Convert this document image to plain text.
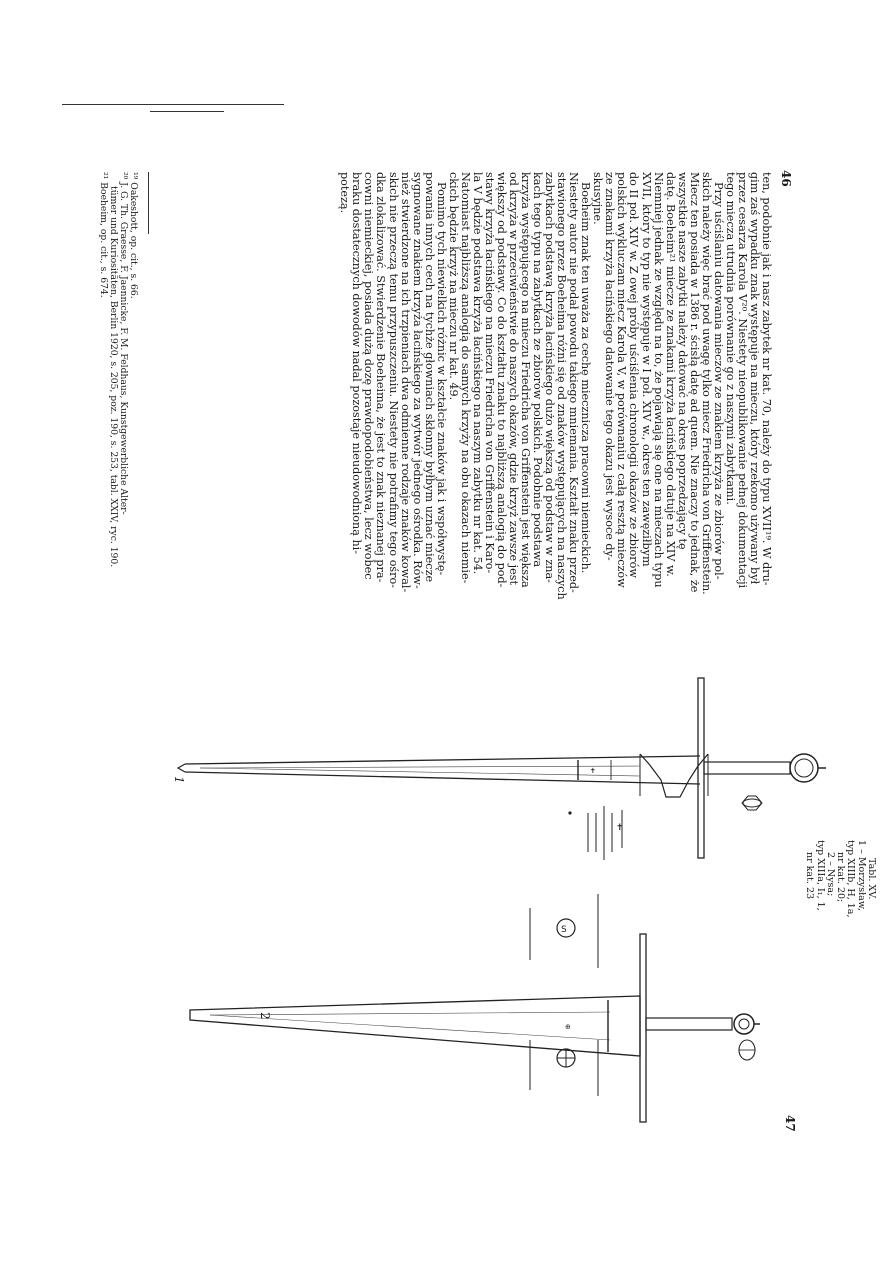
46
47
ten, podobnie jak i nasz zabytek nr kat. 70, należy do typu XVII¹⁹. W dru-
gim zaś wypadku znak występuje na mieczu, który rzekomo używany był
przez cesarza Karola V²⁰. Niestety nieopublikowanie pełnej dokumentacji
tego miecza utrudnia porównanie go z naszymi zabytkami.
Przy uściślaniu datowania mieczów ze znakiem krzyża ze zbiorów pol-
skich należy więc brać pod uwagę tylko miecz Friedricha von Griffenstein.
Miecz ten posiada w 1386 r. ścisłą datę ad quem. Nie znaczy to jednak, że
wszystkie nasze zabytki należy datować na okres poprzedzający tę
datę. Boeheim²¹ miecze ze znakami krzyża łacińskiego datuje na XIV w.
Niemniej jednak ze względu na to, że pojawiają się one na mieczach typu
XVII, który to typ nie występuje w I poł. XIV w., okres ten zawęziłbym
do II poł. XIV w. Z owej próby uściślenia chronologii okazów ze zbiorów
polskich wykluczam miecz Karola V, w porównaniu z całą resztą mieczów
ze znakami krzyża łacińskiego datowanie tego okazu jest wysoce dy-
skusyjne.
Boeheim znak ten uważa za cechę miecznicza pracowni niemieckich.
Niestety autor nie podał powodu takiego mniemania. Kształt znaku przed-
stawionego przez Boeheima różni się od znaków występujących na naszych
zabytkach podstawą krzyża łacińskiego dużo większą od podstaw w zna-
kach tego typu na zabytkach ze zbiorów polskich. Podobnie podstawa
krzyża występującego na mieczu Friedricha von Griffenstein jest większa
od krzyża w przeciwieństwie do naszych okazów, gdzie krzyż zawsze jest
większy od podstawy. Co do kształtu znaku to najbliższą analogią do pod-
stawy krzyża łacińskiego na mieczu Friedricha von Griffenstein i Karo-
la V będzie podstawa krzyża łacińskiego na naszym zabytku nr kat. 54.
Natomiast najbliższą analogią do samych krzyży na obu okazach niemie-
ckich będzie krzyż na mieczu nr kat. 49.
Pomimo tych niewielkich różnic w kształcie znaków jak i współwystę-
powania innych cech na tychże głowniach skłonny byłbym uznać miecze
sygnowane znakiem krzyża łacińskiego za wytwór jednego ośrodka. Rów-
nież stwierdzone na ich trzpieniach dwa odmienne rodzaje znaków kowal-
skich nie przeczą temu przypuszczeniu. Niestety nie potrafimy tego ośro-
dka zlokalizować. Stwierdzenie Boeheima, że jest to znak nieznanej pra-
cowni niemieckiej, posiada dużą dozę prawdopodobieństwa, lecz wobec
braku dostatecznych dowodów nadal pozostaje nieudowodnioną hi-
potezą.
¹⁹ Oakeshott, op. cit., s. 66.
²⁰ J. G. Th. Graesse, F. Jaennicke, F. M. Feldhaus, Kunstgewerbliche Alter-
tümer und Kuriositäten, Berlin 1920, s. 205, poz. 190, s. 253, tabl. XXIV, ryc. 190.
²¹ Boeheim, op. cit., s. 674.
✝
✝
⊕
S
1
2
Tabl. XV.
1 – Morzysław,
typ XIIIb, H, 1a,
nr kat. 20;
2 – Nysa;
typ XIIIa, I₁, 1,
nr kat. 23
